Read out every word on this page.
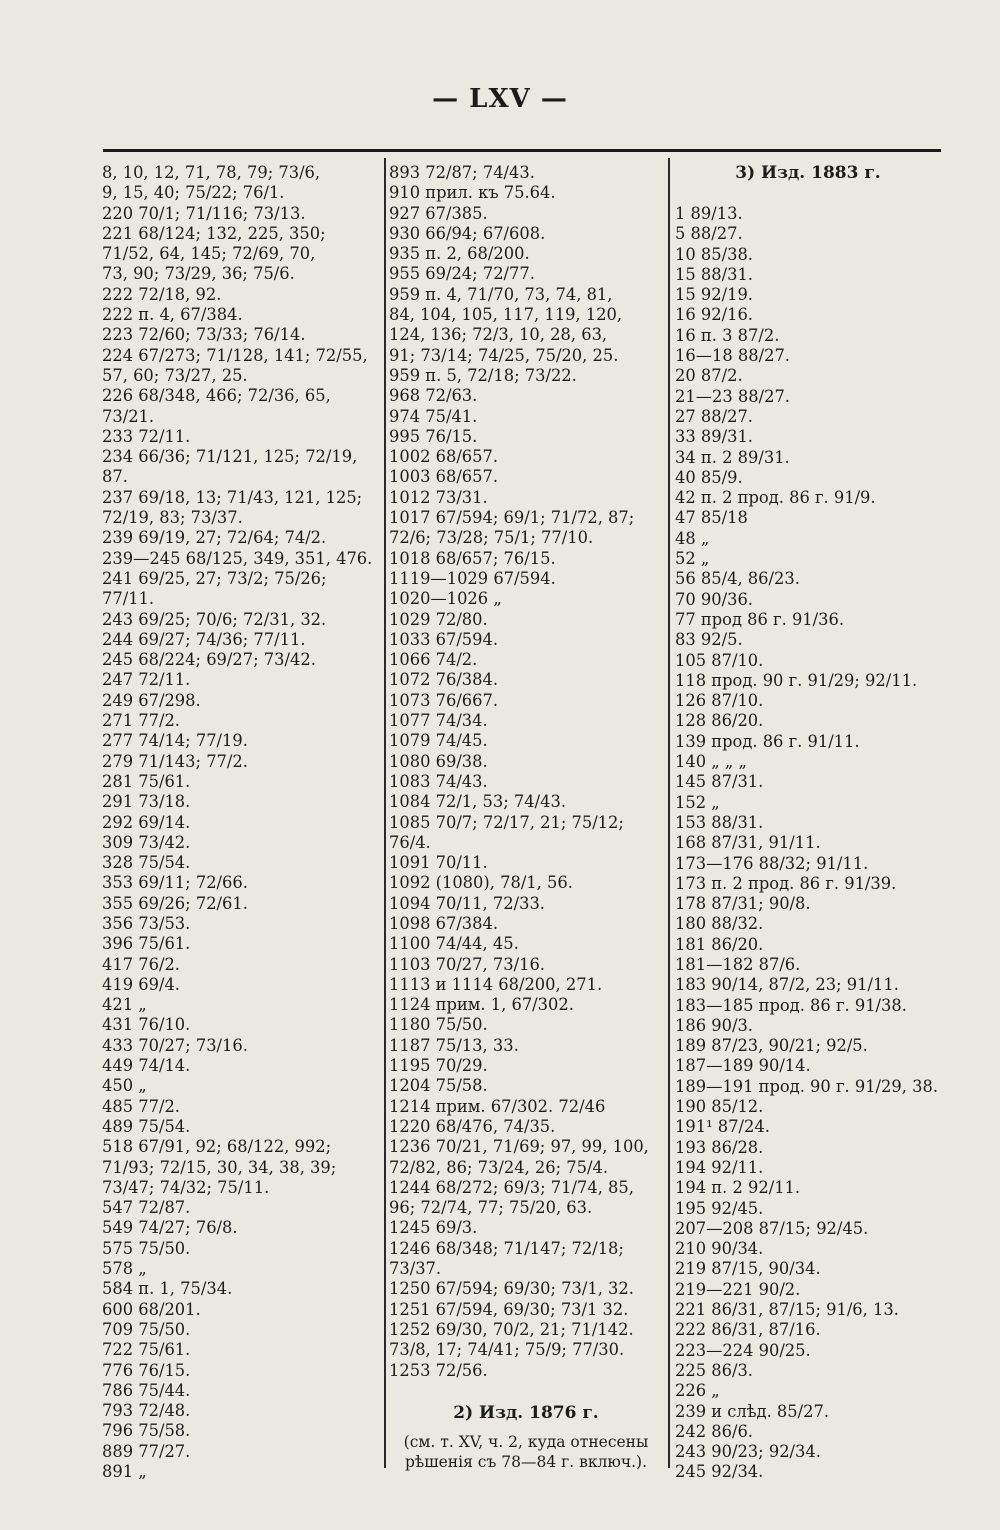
— LXV —
8, 10, 12, 71, 78, 79; 73/6,
9, 15, 40; 75/22; 76/1.
220 70/1; 71/116; 73/13.
221 68/124; 132, 225, 350;
71/52, 64, 145; 72/69, 70,
73, 90; 73/29, 36; 75/6.
222 72/18, 92.
222 п. 4, 67/384.
223 72/60; 73/33; 76/14.
224 67/273; 71/128, 141; 72/55,
57, 60; 73/27, 25.
226 68/348, 466; 72/36, 65,
73/21.
233 72/11.
234 66/36; 71/121, 125; 72/19,
87.
237 69/18, 13; 71/43, 121, 125;
72/19, 83; 73/37.
239 69/19, 27; 72/64; 74/2.
239—245 68/125, 349, 351, 476.
241 69/25, 27; 73/2; 75/26;
77/11.
243 69/25; 70/6; 72/31, 32.
244 69/27; 74/36; 77/11.
245 68/224; 69/27; 73/42.
247 72/11.
249 67/298.
271 77/2.
277 74/14; 77/19.
279 71/143; 77/2.
281 75/61.
291 73/18.
292 69/14.
309 73/42.
328 75/54.
353 69/11; 72/66.
355 69/26; 72/61.
356 73/53.
396 75/61.
417 76/2.
419 69/4.
421 „
431 76/10.
433 70/27; 73/16.
449 74/14.
450 „
485 77/2.
489 75/54.
518 67/91, 92; 68/122, 992;
71/93; 72/15, 30, 34, 38, 39;
73/47; 74/32; 75/11.
547 72/87.
549 74/27; 76/8.
575 75/50.
578 „
584 п. 1, 75/34.
600 68/201.
709 75/50.
722 75/61.
776 76/15.
786 75/44.
793 72/48.
796 75/58.
889 77/27.
891 „
893 72/87; 74/43.
910 прил. къ 75.64.
927 67/385.
930 66/94; 67/608.
935 п. 2, 68/200.
955 69/24; 72/77.
959 п. 4, 71/70, 73, 74, 81,
84, 104, 105, 117, 119, 120,
124, 136; 72/3, 10, 28, 63,
91; 73/14; 74/25, 75/20, 25.
959 п. 5, 72/18; 73/22.
968 72/63.
974 75/41.
995 76/15.
1002 68/657.
1003 68/657.
1012 73/31.
1017 67/594; 69/1; 71/72, 87;
72/6; 73/28; 75/1; 77/10.
1018 68/657; 76/15.
1119—1029 67/594.
1020—1026 „
1029 72/80.
1033 67/594.
1066 74/2.
1072 76/384.
1073 76/667.
1077 74/34.
1079 74/45.
1080 69/38.
1083 74/43.
1084 72/1, 53; 74/43.
1085 70/7; 72/17, 21; 75/12;
76/4.
1091 70/11.
1092 (1080), 78/1, 56.
1094 70/11, 72/33.
1098 67/384.
1100 74/44, 45.
1103 70/27, 73/16.
1113 и 1114 68/200, 271.
1124 прим. 1, 67/302.
1180 75/50.
1187 75/13, 33.
1195 70/29.
1204 75/58.
1214 прим. 67/302. 72/46
1220 68/476, 74/35.
1236 70/21, 71/69; 97, 99, 100,
72/82, 86; 73/24, 26; 75/4.
1244 68/272; 69/3; 71/74, 85,
96; 72/74, 77; 75/20, 63.
1245 69/3.
1246 68/348; 71/147; 72/18;
73/37.
1250 67/594; 69/30; 73/1, 32.
1251 67/594, 69/30; 73/1 32.
1252 69/30, 70/2, 21; 71/142.
73/8, 17; 74/41; 75/9; 77/30.
1253 72/56.
2) Изд. 1876 г.
(см. т. XV, ч. 2, куда отнесены рѣшенія съ 78—84 г. включ.).
3) Изд. 1883 г.
1 89/13.
5 88/27.
10 85/38.
15 88/31.
15 92/19.
16 92/16.
16 п. 3 87/2.
16—18 88/27.
20 87/2.
21—23 88/27.
27 88/27.
33 89/31.
34 п. 2 89/31.
40 85/9.
42 п. 2 прод. 86 г. 91/9.
47 85/18
48 „
52 „
56 85/4, 86/23.
70 90/36.
77 прод 86 г. 91/36.
83 92/5.
105 87/10.
118 прод. 90 г. 91/29; 92/11.
126 87/10.
128 86/20.
139 прод. 86 г. 91/11.
140 „ „ „
145 87/31.
152 „
153 88/31.
168 87/31, 91/11.
173—176 88/32; 91/11.
173 п. 2 прод. 86 г. 91/39.
178 87/31; 90/8.
180 88/32.
181 86/20.
181—182 87/6.
183 90/14, 87/2, 23; 91/11.
183—185 прод. 86 г. 91/38.
186 90/3.
189 87/23, 90/21; 92/5.
187—189 90/14.
189—191 прод. 90 г. 91/29, 38.
190 85/12.
191¹ 87/24.
193 86/28.
194 92/11.
194 п. 2 92/11.
195 92/45.
207—208 87/15; 92/45.
210 90/34.
219 87/15, 90/34.
219—221 90/2.
221 86/31, 87/15; 91/6, 13.
222 86/31, 87/16.
223—224 90/25.
225 86/3.
226 „
239 и слѣд. 85/27.
242 86/6.
243 90/23; 92/34.
245 92/34.
